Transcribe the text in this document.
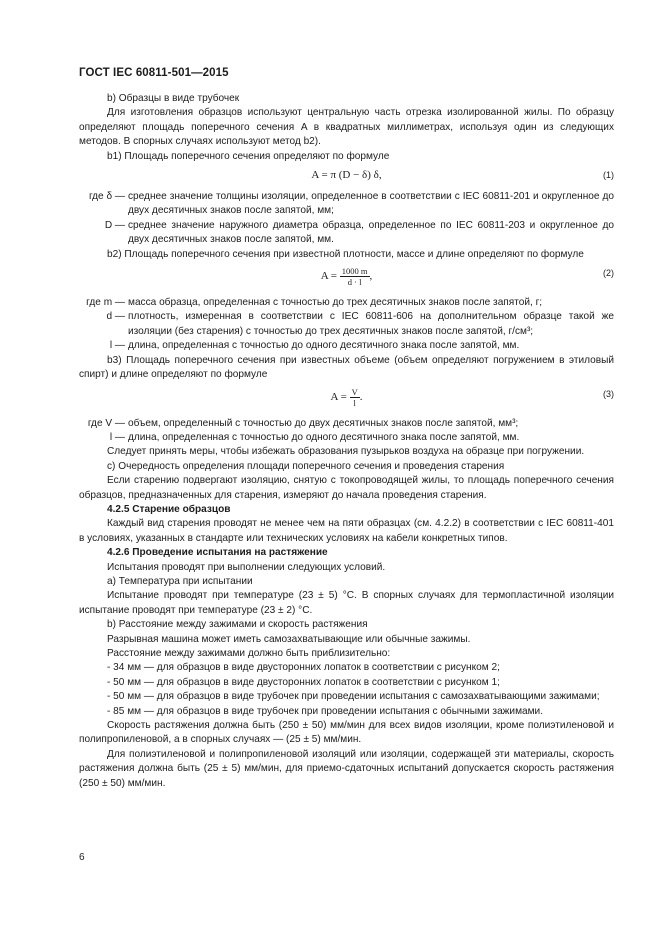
ГОСТ IEC 60811-501—2015

b) Образцы в виде трубочек

Для изготовления образцов используют центральную часть отрезка изолированной жилы. По образцу определяют площадь поперечного сечения A в квадратных миллиметрах, используя один из следующих методов. В спорных случаях используют метод b2).

b1) Площадь поперечного сечения определяют по формуле

A = π (D − δ) δ,	(1)
где δ — среднее значение толщины изоляции, определенное в соответствии с IEC 60811-201 и округленное до двух десятичных знаков после запятой, мм;
D — среднее значение наружного диаметра образца, определенное по IEC 60811-203 и округленное до двух десятичных знаков после запятой, мм.

b2) Площадь поперечного сечения при известной плотности, массе и длине определяют по формуле

$A = \frac{1000 m}{d \cdot l}$ ,	(2)
где m — масса образца, определенная с точностью до трех десятичных знаков после запятой, г;
d — плотность, измеренная в соответствии с IEC 60811-606 на дополнительном образце такой же изоляции (без старения) с точностью до трех десятичных знаков после запятой, г/см³;
l — длина, определенная с точностью до одного десятичного знака после запятой, мм.

b3) Площадь поперечного сечения при известных объеме (объем определяют погружением в этиловый спирт) и длине определяют по формуле

$A = \frac{V}{l}$ .	(3)
где V — объем, определенный с точностью до двух десятичных знаков после запятой, мм³;
l — длина, определенная с точностью до одного десятичного знака после запятой, мм.

Следует принять меры, чтобы избежать образования пузырьков воздуха на образце при погружении.

c) Очередность определения площади поперечного сечения и проведения старения

Если старению подвергают изоляцию, снятую с токопроводящей жилы, то площадь поперечного сечения образцов, предназначенных для старения, измеряют до начала проведения старения.

4.2.5 Старение образцов

Каждый вид старения проводят не менее чем на пяти образцах (см. 4.2.2) в соответствии с IEC 60811-401 в условиях, указанных в стандарте или технических условиях на кабели конкретных типов.

4.2.6 Проведение испытания на растяжение

Испытания проводят при выполнении следующих условий.

a) Температура при испытании

Испытание проводят при температуре (23 ± 5) °С. В спорных случаях для термопластичной изоляции испытание проводят при температуре (23 ± 2) °С.

b) Расстояние между зажимами и скорость растяжения

Разрывная машина может иметь самозахватывающие или обычные зажимы.

Расстояние между зажимами должно быть приблизительно:

- 34 мм — для образцов в виде двусторонних лопаток в соответствии с рисунком 2;

- 50 мм — для образцов в виде двусторонних лопаток в соответствии с рисунком 1;

- 50 мм — для образцов в виде трубочек при проведении испытания с самозахватывающими зажимами;

- 85 мм — для образцов в виде трубочек при проведении испытания с обычными зажимами.

Скорость растяжения должна быть (250 ± 50) мм/мин для всех видов изоляции, кроме полиэтиленовой и полипропиленовой, а в спорных случаях — (25 ± 5) мм/мин.

Для полиэтиленовой и полипропиленовой изоляций или изоляции, содержащей эти материалы, скорость растяжения должна быть (25 ± 5) мм/мин, для приемо-сдаточных испытаний допускается скорость растяжения (250 ± 50) мм/мин.

6
